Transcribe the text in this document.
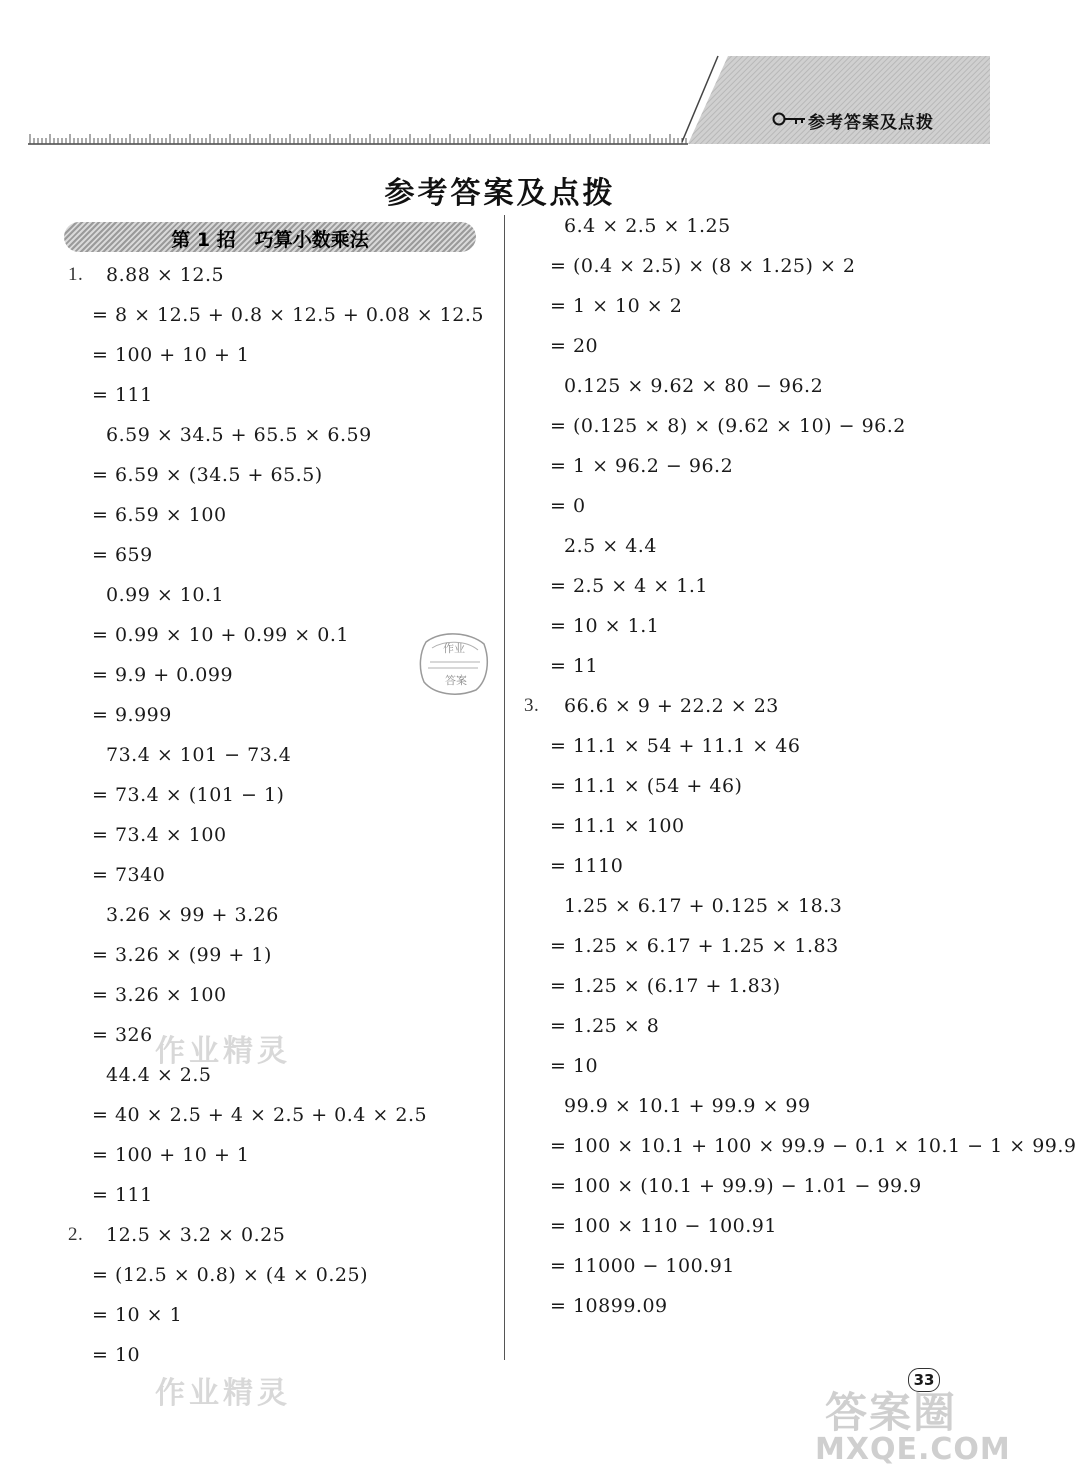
参考答案及点拨
参考答案及点拨
第 1 招　巧算小数乘法
1. 8.88 × 12.5
= 8 × 12.5 + 0.8 × 12.5 + 0.08 × 12.5
= 100 + 10 + 1
= 111
6.59 × 34.5 + 65.5 × 6.59
= 6.59 × (34.5 + 65.5)
= 6.59 × 100
= 659
0.99 × 10.1
= 0.99 × 10 + 0.99 × 0.1
= 9.9 + 0.099
= 9.999
73.4 × 101 − 73.4
= 73.4 × (101 − 1)
= 73.4 × 100
= 7340
3.26 × 99 + 3.26
= 3.26 × (99 + 1)
= 3.26 × 100
= 326
44.4 × 2.5
= 40 × 2.5 + 4 × 2.5 + 0.4 × 2.5
= 100 + 10 + 1
= 111
2. 12.5 × 3.2 × 0.25
= (12.5 × 0.8) × (4 × 0.25)
= 10 × 1
= 10
6.4 × 2.5 × 1.25
= (0.4 × 2.5) × (8 × 1.25) × 2
= 1 × 10 × 2
= 20
0.125 × 9.62 × 80 − 96.2
= (0.125 × 8) × (9.62 × 10) − 96.2
= 1 × 96.2 − 96.2
= 0
2.5 × 4.4
= 2.5 × 4 × 1.1
= 10 × 1.1
= 11
3. 66.6 × 9 + 22.2 × 23
= 11.1 × 54 + 11.1 × 46
= 11.1 × (54 + 46)
= 11.1 × 100
= 1110
1.25 × 6.17 + 0.125 × 18.3
= 1.25 × 6.17 + 1.25 × 1.83
= 1.25 × (6.17 + 1.83)
= 1.25 × 8
= 10
99.9 × 10.1 + 99.9 × 99
= 100 × 10.1 + 100 × 99.9 − 0.1 × 10.1 − 1 × 99.9
= 100 × (10.1 + 99.9) − 1.01 − 99.9
= 100 × 110 − 100.91
= 11000 − 100.91
= 10899.09
作业
答案
作业精灵
作业精灵	33
答案圈
MXQE.COM
